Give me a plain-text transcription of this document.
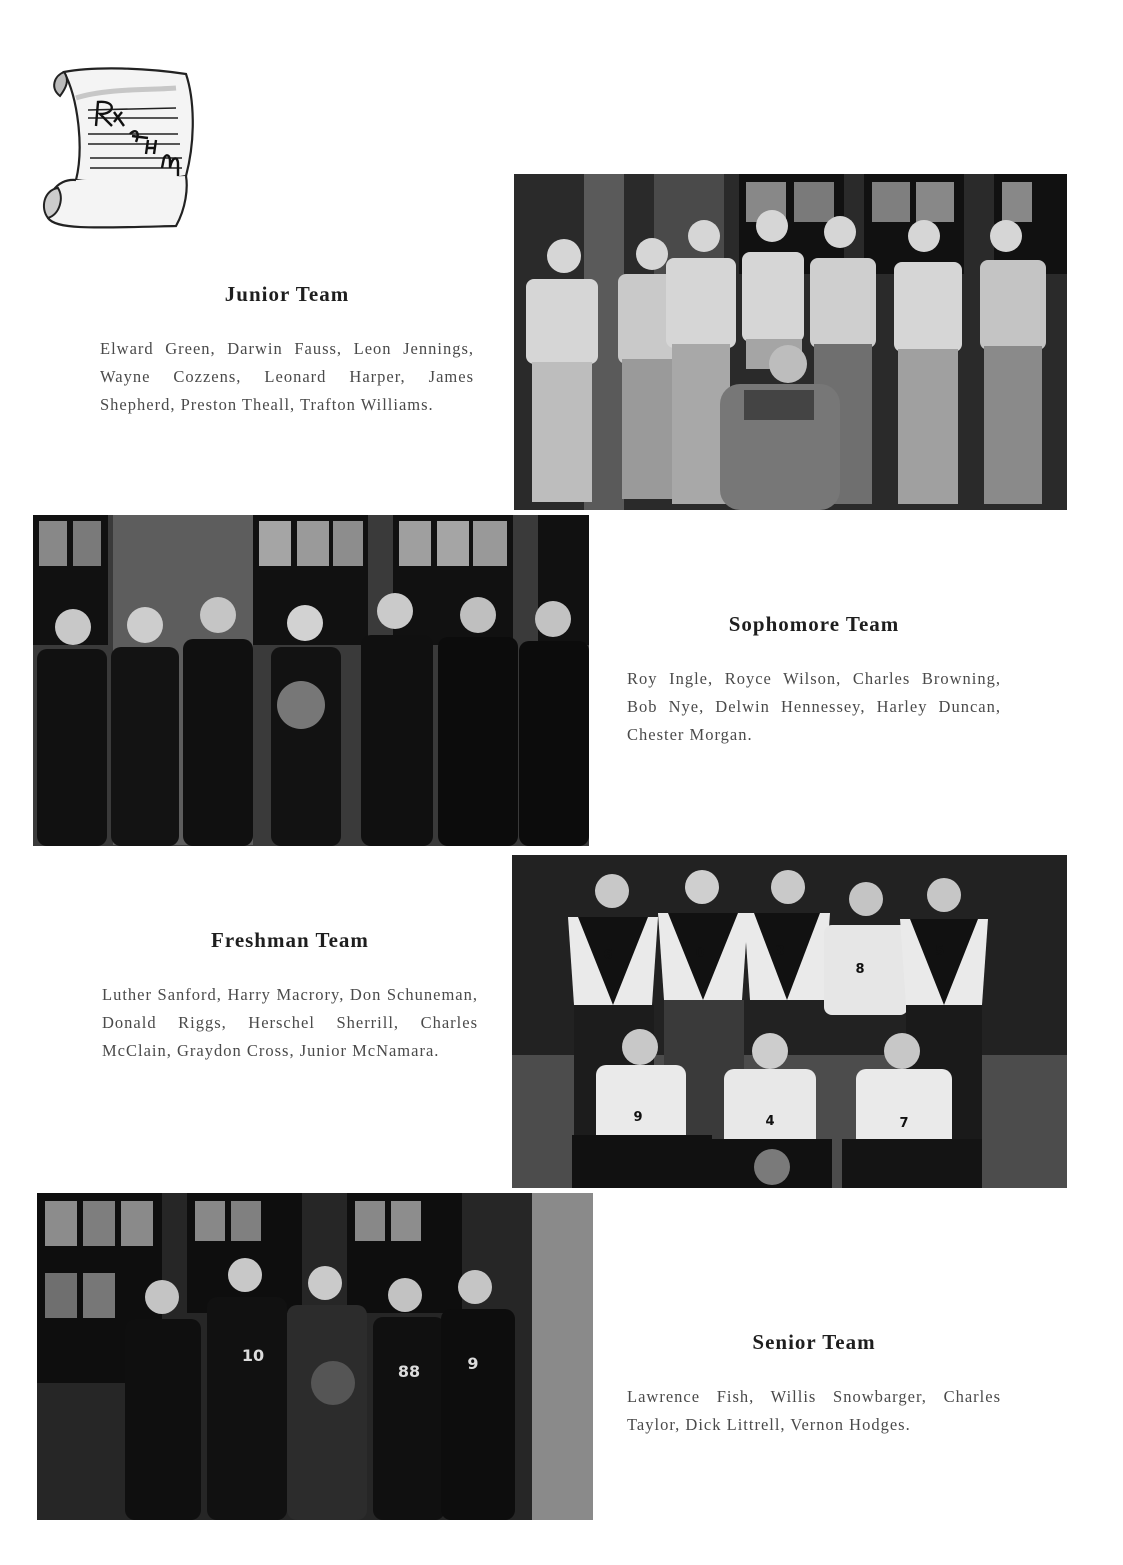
Junior Team

Elward Green, Darwin Fauss, Leon Jennings, Wayne Cozzens, Leonard Harper, James Shepherd, Preston Theall, Trafton Williams.

Sophomore Team

Roy Ingle, Royce Wilson, Charles Browning, Bob Nye, Delwin Hennessey, Harley Duncan, Chester Morgan.

Freshman Team

Luther Sanford, Harry Macrory, Don Schuneman, Donald Riggs, Herschel Sherrill, Charles McClain, Graydon Cross, Junior McNamara.

6	0	3
8
5
9	4	7
10
88	9
Senior Team

Lawrence Fish, Willis Snowbarger, Charles Taylor, Dick Littrell, Vernon Hodges.
